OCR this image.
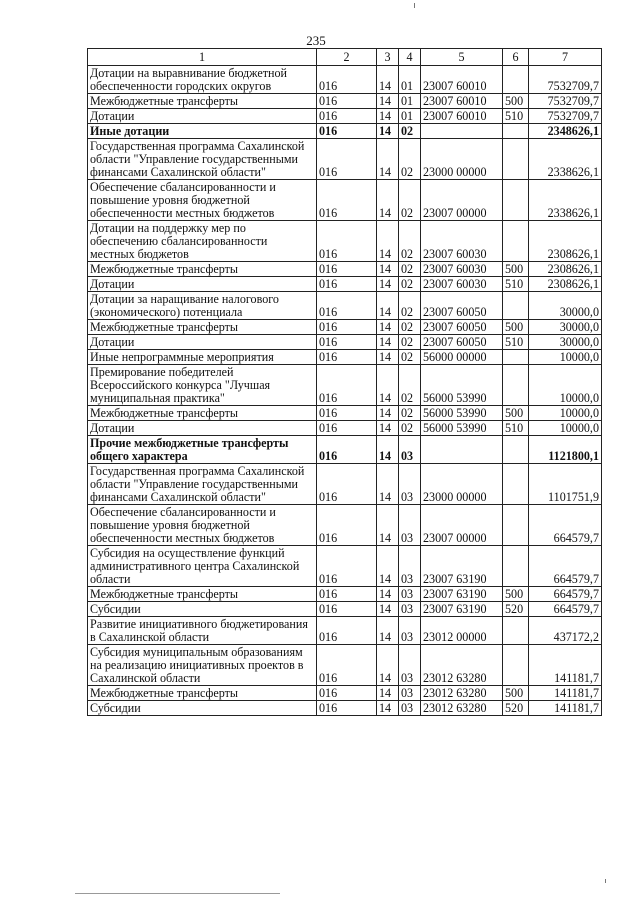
235
1	2	3	4	5	6	7
Дотации на выравнивание бюджетной обеспеченности городских округов	016	14	01	23007 60010		7532709,7
Межбюджетные трансферты	016	14	01	23007 60010	500	7532709,7
Дотации	016	14	01	23007 60010	510	7532709,7
Иные дотации	016	14	02			2348626,1
Государственная программа Сахалинской области "Управление государственными финансами Сахалинской области"	016	14	02	23000 00000		2338626,1
Обеспечение сбалансированности и повышение уровня бюджетной обеспеченности местных бюджетов	016	14	02	23007 00000		2338626,1
Дотации на поддержку мер по обеспечению сбалансированности местных бюджетов	016	14	02	23007 60030		2308626,1
Межбюджетные трансферты	016	14	02	23007 60030	500	2308626,1
Дотации	016	14	02	23007 60030	510	2308626,1
Дотации за наращивание налогового (экономического) потенциала	016	14	02	23007 60050		30000,0
Межбюджетные трансферты	016	14	02	23007 60050	500	30000,0
Дотации	016	14	02	23007 60050	510	30000,0
Иные непрограммные мероприятия	016	14	02	56000 00000		10000,0
Премирование победителей Всероссийского конкурса "Лучшая муниципальная практика"	016	14	02	56000 53990		10000,0
Межбюджетные трансферты	016	14	02	56000 53990	500	10000,0
Дотации	016	14	02	56000 53990	510	10000,0
Прочие межбюджетные трансферты общего характера	016	14	03			1121800,1
Государственная программа Сахалинской области "Управление государственными финансами Сахалинской области"	016	14	03	23000 00000		1101751,9
Обеспечение сбалансированности и повышение уровня бюджетной обеспеченности местных бюджетов	016	14	03	23007 00000		664579,7
Субсидия на осуществление функций административного центра Сахалинской области	016	14	03	23007 63190		664579,7
Межбюджетные трансферты	016	14	03	23007 63190	500	664579,7
Субсидии	016	14	03	23007 63190	520	664579,7
Развитие инициативного бюджетирования в Сахалинской области	016	14	03	23012 00000		437172,2
Субсидия муниципальным образованиям на реализацию инициативных проектов в Сахалинской области	016	14	03	23012 63280		141181,7
Межбюджетные трансферты	016	14	03	23012 63280	500	141181,7
Субсидии	016	14	03	23012 63280	520	141181,7
